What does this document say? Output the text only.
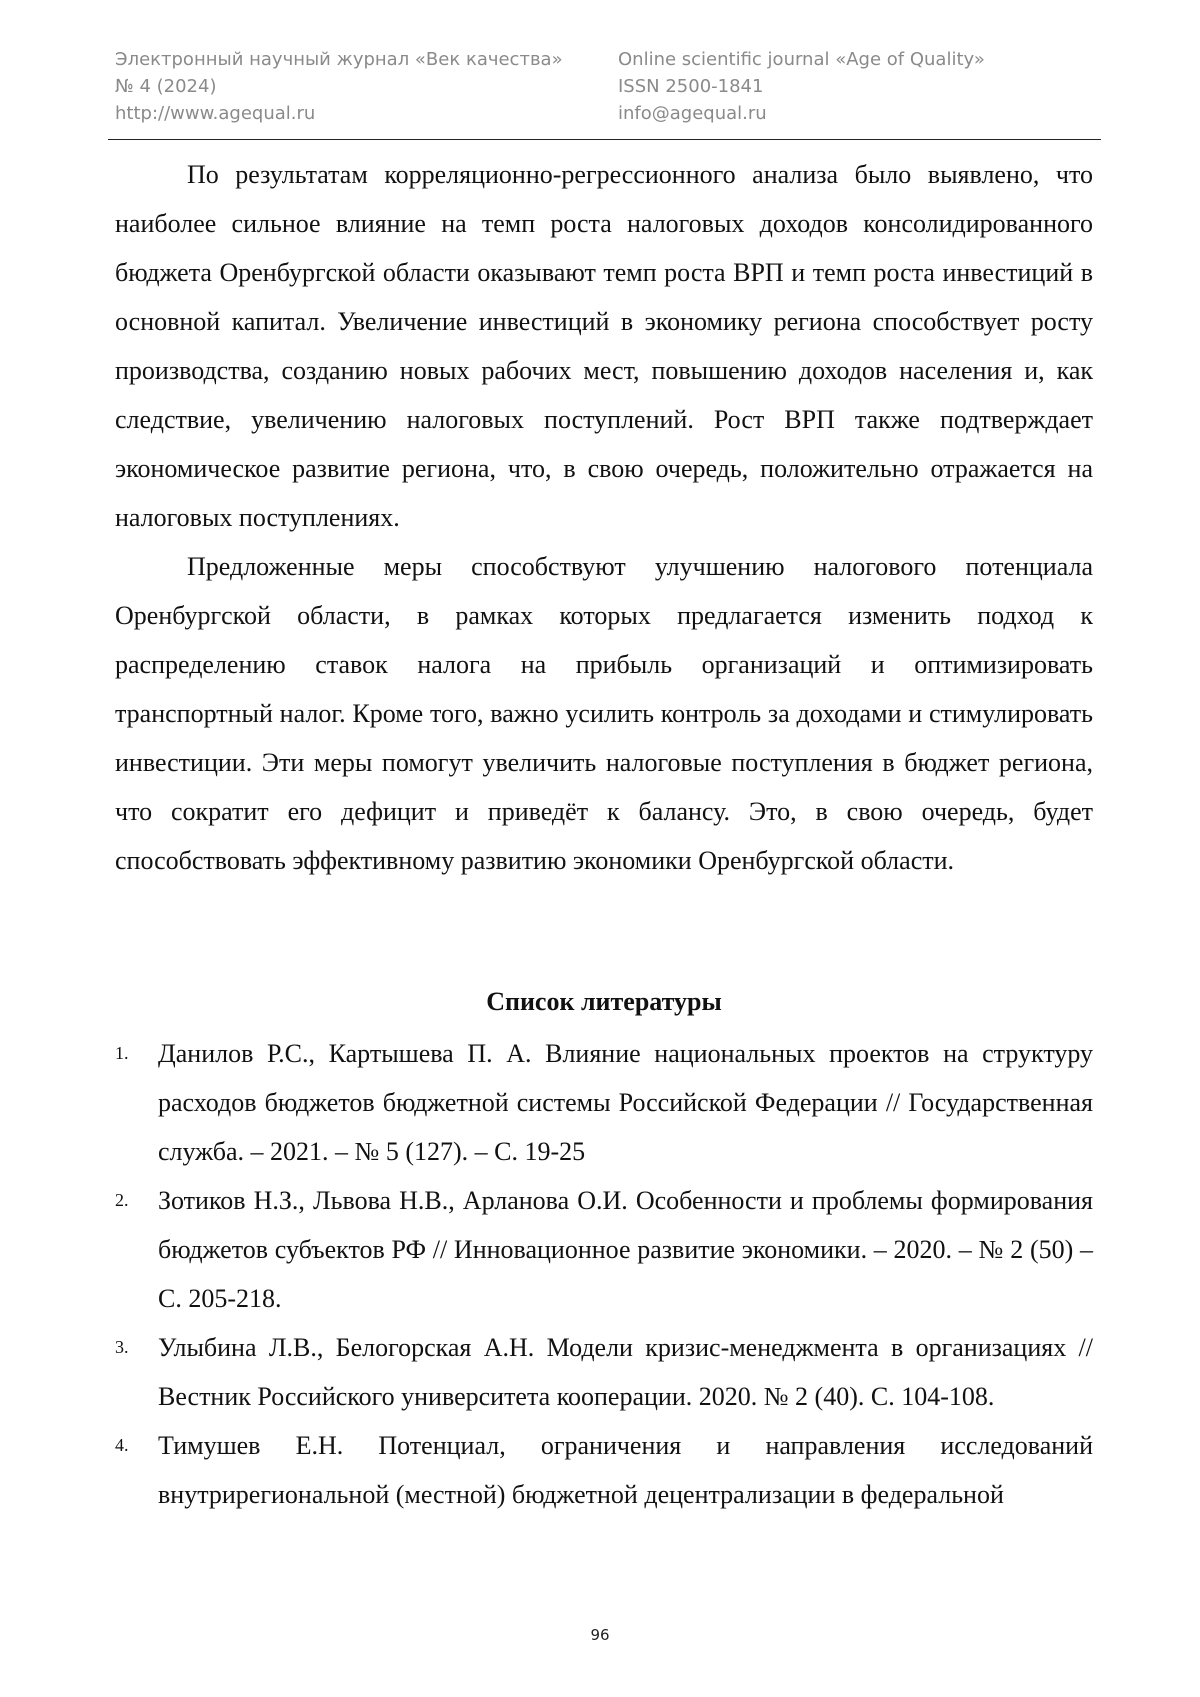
Электронный научный журнал «Век качества»
№ 4 (2024)
http://www.agequal.ru
Online scientific journal «Age of Quality»
ISSN 2500-1841
info@agequal.ru

По результатам корреляционно-регрессионного анализа было выявлено, что наиболее сильное влияние на темп роста налоговых доходов консолидированного бюджета Оренбургской области оказывают темп роста ВРП и темп роста инвестиций в основной капитал. Увеличение инвестиций в экономику региона способствует росту производства, созданию новых рабочих мест, повышению доходов населения и, как следствие, увеличению налоговых поступлений. Рост ВРП также подтверждает экономическое развитие региона, что, в свою очередь, положительно отражается на налоговых поступлениях.

Предложенные меры способствуют улучшению налогового потенциала Оренбургской области, в рамках которых предлагается изменить подход к распределению ставок налога на прибыль организаций и оптимизировать транспортный налог. Кроме того, важно усилить контроль за доходами и стимулировать инвестиции. Эти меры помогут увеличить налоговые поступления в бюджет региона, что сократит его дефицит и приведёт к балансу. Это, в свою очередь, будет способствовать эффективному развитию экономики Оренбургской области.

Список литературы
1. Данилов Р.С., Картышева П. А. Влияние национальных проектов на структуру расходов бюджетов бюджетной системы Российской Федерации // Государственная служба. – 2021. – № 5 (127). – С. 19-25
2. Зотиков Н.З., Львова Н.В., Арланова О.И. Особенности и проблемы формирования бюджетов субъектов РФ // Инновационное развитие экономики. – 2020. – № 2 (50) – С. 205-218.
3. Улыбина Л.В., Белогорская А.Н. Модели кризис-менеджмента в организациях // Вестник Российского университета кооперации. 2020. № 2 (40). С. 104-108.
4. Тимушев Е.Н. Потенциал, ограничения и направления исследований внутрирегиональной (местной) бюджетной децентрализации в федеральной
96
